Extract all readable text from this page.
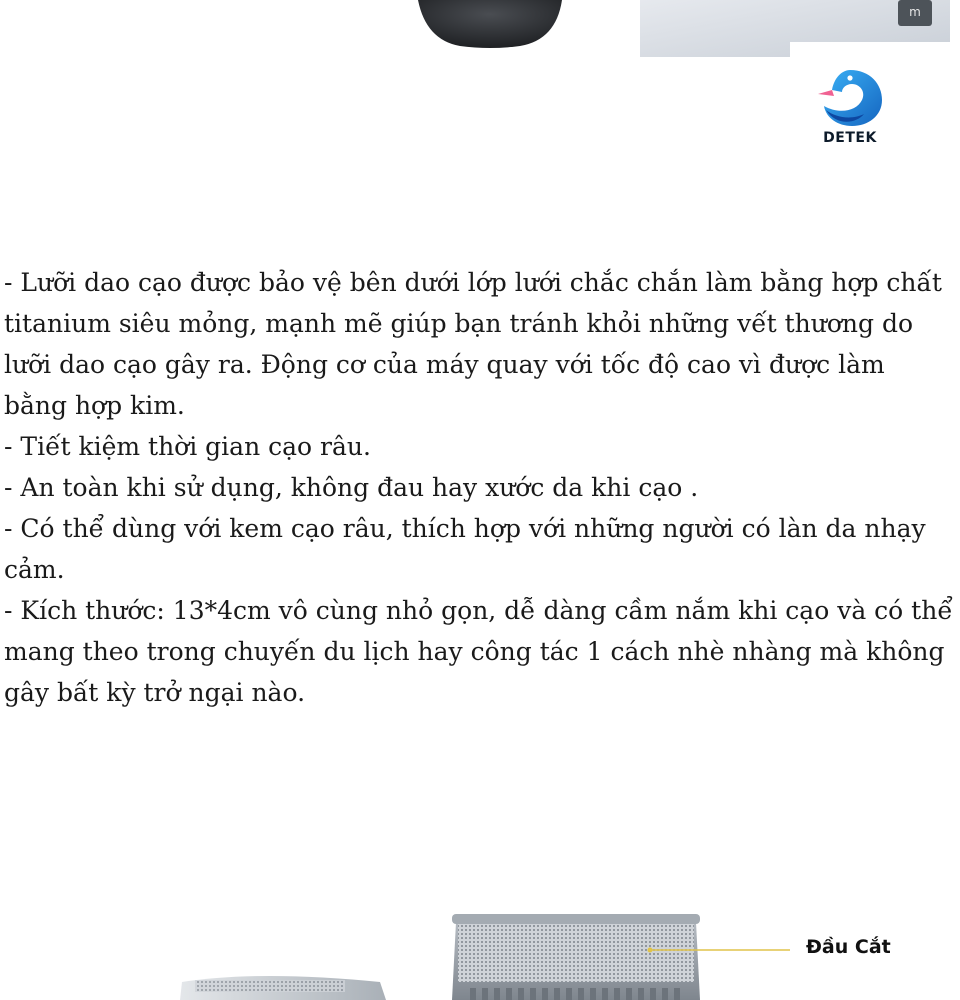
m
DETEK

- Lưỡi dao cạo được bảo vệ bên dưới lớp lưới chắc chắn làm bằng hợp chất titanium siêu mỏng, mạnh mẽ giúp bạn tránh khỏi những vết thương do lưỡi dao cạo gây ra. Động cơ của máy quay với tốc độ cao vì được làm bằng hợp kim.

- Tiết kiệm thời gian cạo râu.

- An toàn khi sử dụng, không đau hay xước da khi cạo .

- Có thể dùng với kem cạo râu, thích hợp với những người có làn da nhạy cảm.

- Kích thước: 13*4cm vô cùng nhỏ gọn, dễ dàng cầm nắm khi cạo và có thể mang theo trong chuyến du lịch hay công tác 1 cách nhè nhàng mà không gây bất kỳ trở ngại nào.

Đầu Cắt
